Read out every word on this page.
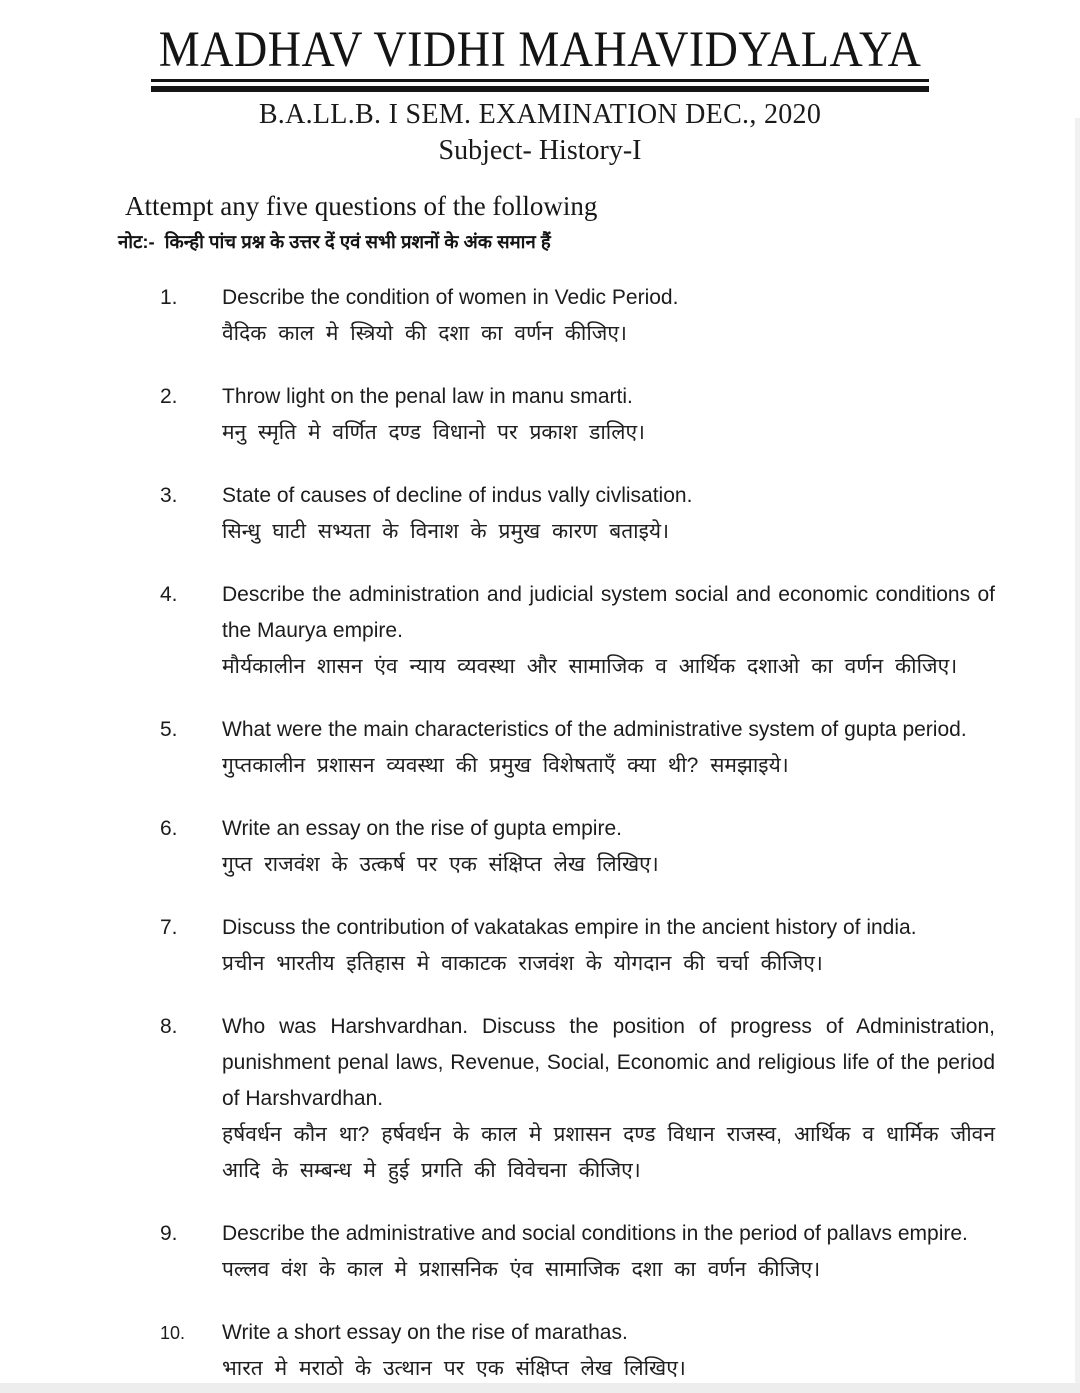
MADHAV VIDHI MAHAVIDYALAYA
B.A.LL.B. I SEM. EXAMINATION DEC., 2020
Subject- History-I
Attempt any five questions of the following
नोट:- किन्ही पांच प्रश्न के उत्तर दें एवं सभी प्रशनों के अंक समान हैं
1.	Describe the condition of women in Vedic Period.

वैदिक काल मे स्त्रियो की दशा का वर्णन कीजिए।

2.	Throw light on the penal law in manu smarti.

मनु स्मृति मे वर्णित दण्ड विधानो पर प्रकाश डालिए।

3.	State of causes of decline of indus vally civlisation.

सिन्धु घाटी सभ्यता के विनाश के प्रमुख कारण बताइये।

4.	Describe the administration and judicial system social and economic conditions of the Maurya empire.

मौर्यकालीन शासन एंव न्याय व्यवस्था और सामाजिक व आर्थिक दशाओ का वर्णन कीजिए।

5.	What were the main characteristics of the administrative system of gupta period.

गुप्तकालीन प्रशासन व्यवस्था की प्रमुख विशेषताएँ क्या थी? समझाइये।

6.	Write an essay on the rise of gupta empire.

गुप्त राजवंश के उत्कर्ष पर एक संक्षिप्त लेख लिखिए।

7.	Discuss the contribution of vakatakas empire in the ancient history of india.

प्रचीन भारतीय इतिहास मे वाकाटक राजवंश के योगदान की चर्चा कीजिए।

8.	Who was Harshvardhan. Discuss the position of progress of Administration, punishment penal laws, Revenue, Social, Economic and religious life of the period of Harshvardhan.

हर्षवर्धन कौन था? हर्षवर्धन के काल मे प्रशासन दण्ड विधान राजस्व, आर्थिक व धार्मिक जीवन आदि के सम्बन्ध मे हुई प्रगति की विवेचना कीजिए।

9.	Describe the administrative and social conditions in the period of pallavs empire.

पल्लव वंश के काल मे प्रशासनिक एंव सामाजिक दशा का वर्णन कीजिए।

10.	Write a short essay on the rise of marathas.

भारत मे मराठो के उत्थान पर एक संक्षिप्त लेख लिखिए।
